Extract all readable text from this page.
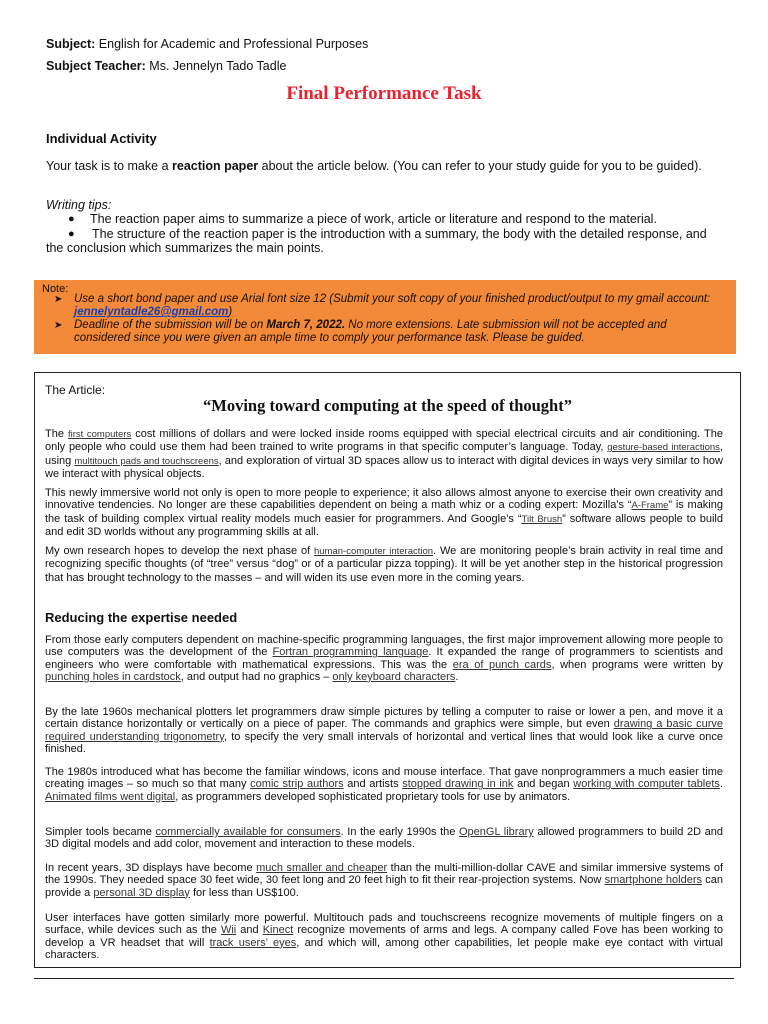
Subject: English for Academic and Professional Purposes
Subject Teacher: Ms. Jennelyn Tado Tadle
Final Performance Task
Individual Activity
Your task is to make a reaction paper about the article below. (You can refer to your study guide for you to be guided).
Writing tips:
● The reaction paper aims to summarize a piece of work, article or literature and respond to the material.
●	The structure of the reaction paper is the introduction with a summary, the body with the detailed response, and the conclusion which summarizes the main points.
Note:
➤ Use a short bond paper and use Arial font size 12 (Submit your soft copy of your finished product/output to my gmail account: jennelyntadle26@gmail.com)
➤ Deadline of the submission will be on March 7, 2022. No more extensions. Late submission will not be accepted and considered since you were given an ample time to comply your performance task. Please be guided.
The Article:
“Moving toward computing at the speed of thought”
The first computers cost millions of dollars and were locked inside rooms equipped with special electrical circuits and air conditioning. The only people who could use them had been trained to write programs in that specific computer’s language. Today, gesture-based interactions, using multitouch pads and touchscreens, and exploration of virtual 3D spaces allow us to interact with digital devices in ways very similar to how we interact with physical objects.
This newly immersive world not only is open to more people to experience; it also allows almost anyone to exercise their own creativity and innovative tendencies. No longer are these capabilities dependent on being a math whiz or a coding expert: Mozilla’s “A-Frame” is making the task of building complex virtual reality models much easier for programmers. And Google’s “Tilt Brush” software allows people to build and edit 3D worlds without any programming skills at all.
My own research hopes to develop the next phase of human-computer interaction. We are monitoring people’s brain activity in real time and recognizing specific thoughts (of “tree” versus “dog” or of a particular pizza topping). It will be yet another step in the historical progression that has brought technology to the masses – and will widen its use even more in the coming years.
Reducing the expertise needed
From those early computers dependent on machine-specific programming languages, the first major improvement allowing more people to use computers was the development of the Fortran programming language. It expanded the range of programmers to scientists and engineers who were comfortable with mathematical expressions. This was the era of punch cards, when programs were written by punching holes in cardstock, and output had no graphics – only keyboard characters.
By the late 1960s mechanical plotters let programmers draw simple pictures by telling a computer to raise or lower a pen, and move it a certain distance horizontally or vertically on a piece of paper. The commands and graphics were simple, but even drawing a basic curve required understanding trigonometry, to specify the very small intervals of horizontal and vertical lines that would look like a curve once finished.
The 1980s introduced what has become the familiar windows, icons and mouse interface. That gave nonprogrammers a much easier time creating images – so much so that many comic strip authors and artists stopped drawing in ink and began working with computer tablets. Animated films went digital, as programmers developed sophisticated proprietary tools for use by animators.
Simpler tools became commercially available for consumers. In the early 1990s the OpenGL library allowed programmers to build 2D and 3D digital models and add color, movement and interaction to these models.
In recent years, 3D displays have become much smaller and cheaper than the multi-million-dollar CAVE and similar immersive systems of the 1990s. They needed space 30 feet wide, 30 feet long and 20 feet high to fit their rear-projection systems. Now smartphone holders can provide a personal 3D display for less than US$100.
User interfaces have gotten similarly more powerful. Multitouch pads and touchscreens recognize movements of multiple fingers on a surface, while devices such as the Wii and Kinect recognize movements of arms and legs. A company called Fove has been working to develop a VR headset that will track users’ eyes, and which will, among other capabilities, let people make eye contact with virtual characters.
